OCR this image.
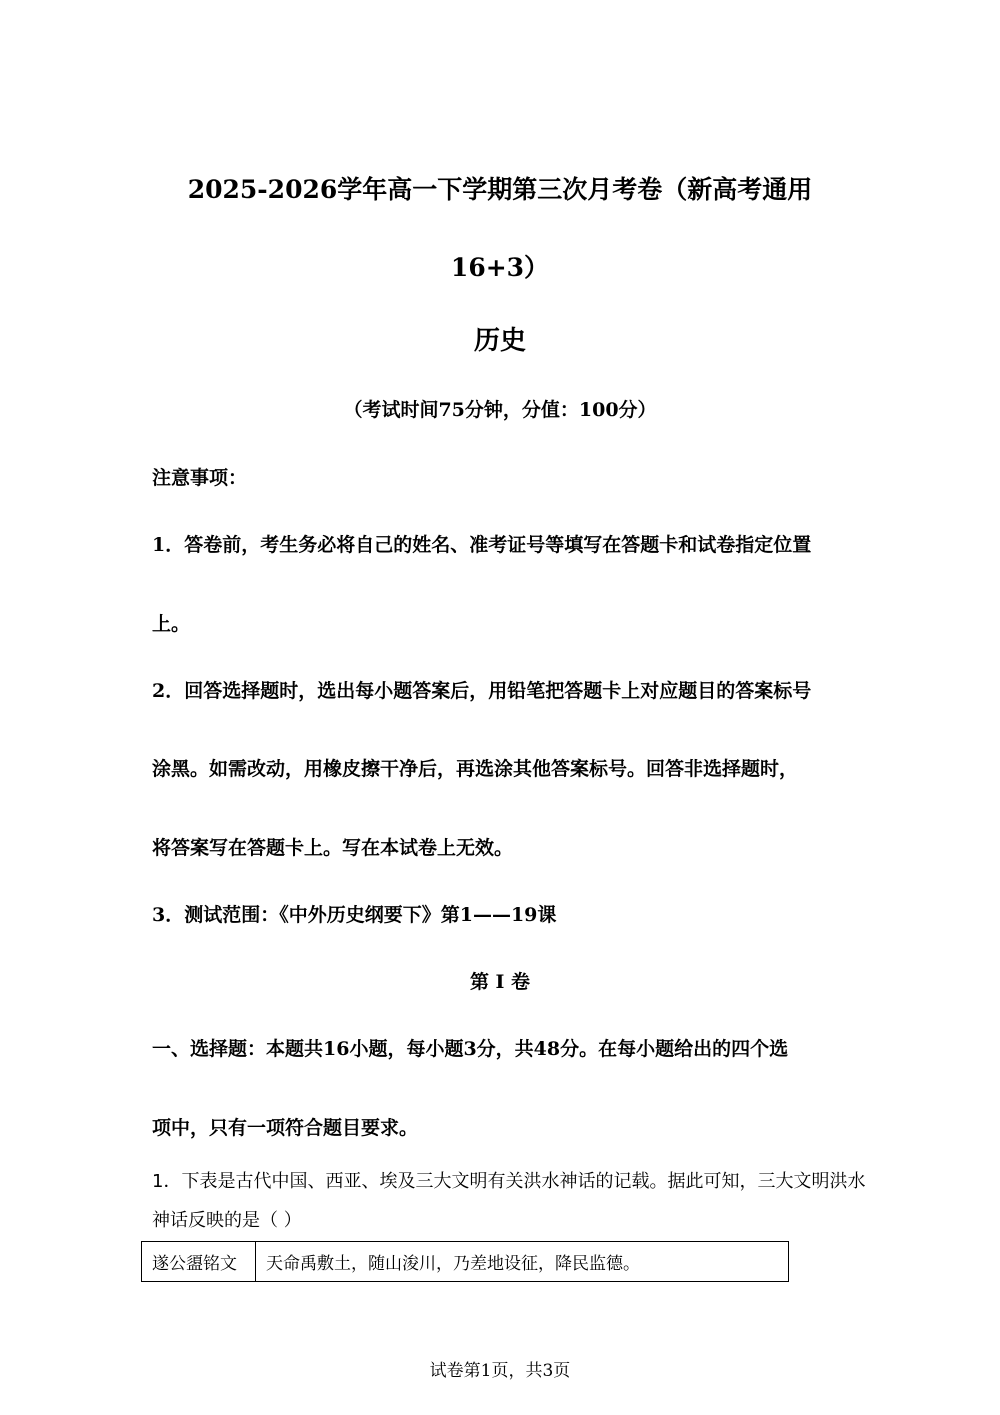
2025-2026学年高一下学期第三次月考卷（新高考通用
16+3）
历史
（考试时间75分钟，分值：100分）
注意事项：
1．答卷前，考生务必将自己的姓名、准考证号等填写在答题卡和试卷指定位置
上。
2．回答选择题时，选出每小题答案后，用铅笔把答题卡上对应题目的答案标号
涂黑。如需改动，用橡皮擦干净后，再选涂其他答案标号。回答非选择题时，
将答案写在答题卡上。写在本试卷上无效。
3．测试范围：《中外历史纲要下》第1——19课
第 I 卷
一、选择题：本题共16小题，每小题3分，共48分。在每小题给出的四个选
项中，只有一项符合题目要求。
1．下表是古代中国、西亚、埃及三大文明有关洪水神话的记载。据此可知，三大文明洪水
神话反映的是（ ）
遂公盨铭文	天命禹敷土，随山浚川，乃差地设征，降民监德。
试卷第1页，共3页
